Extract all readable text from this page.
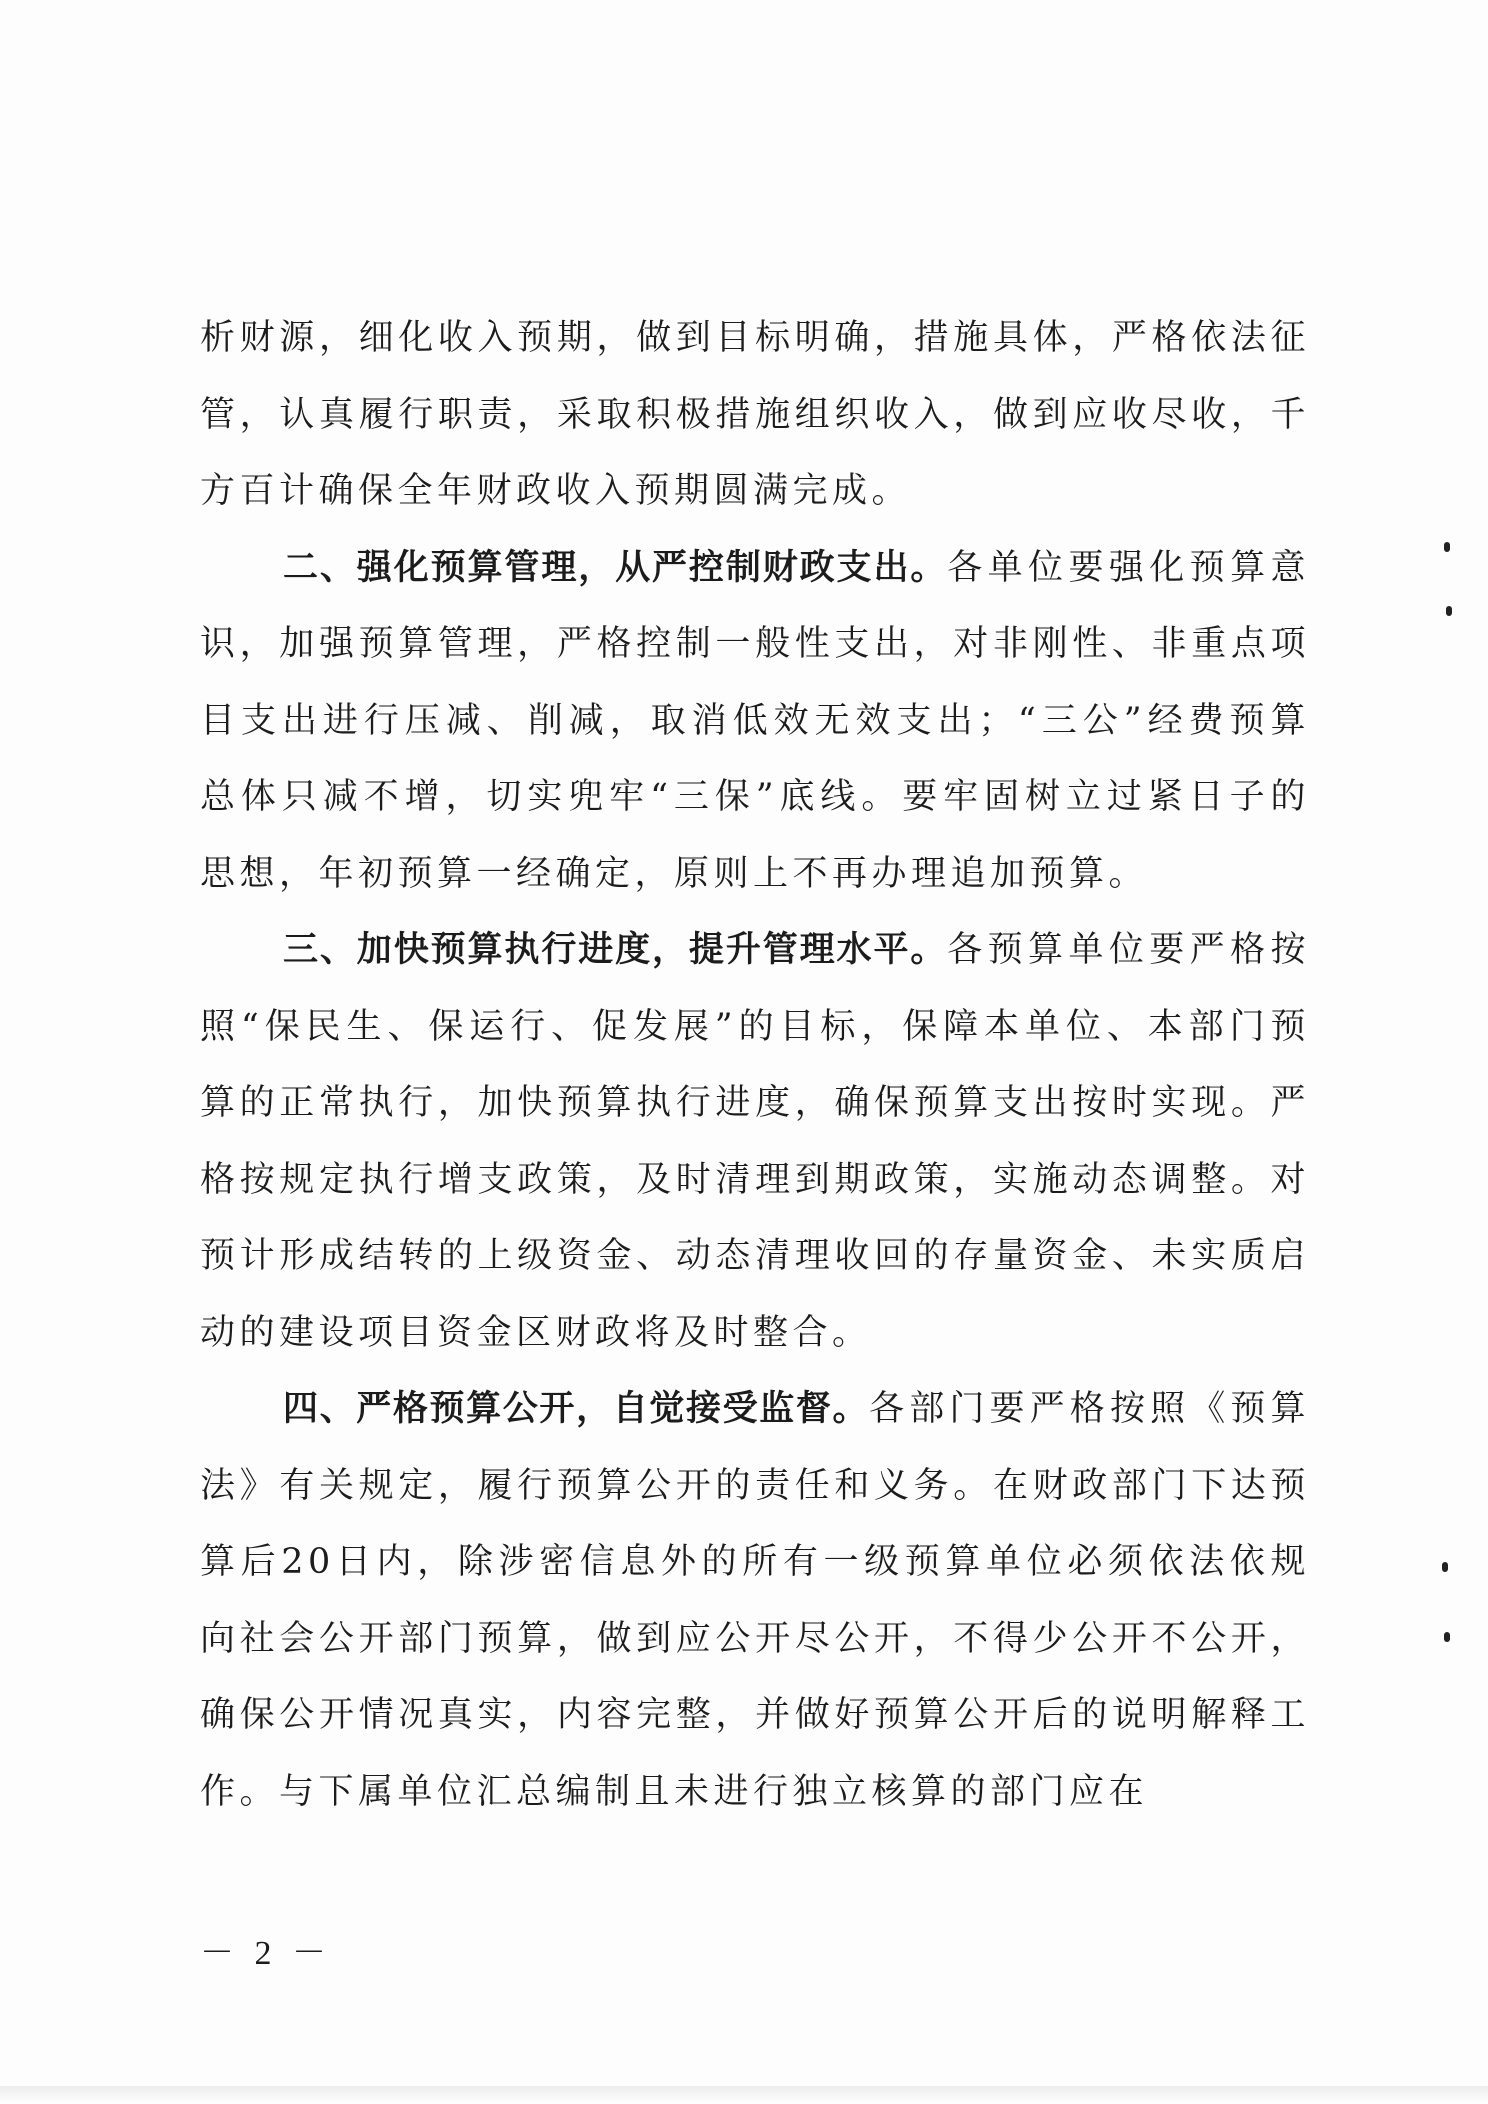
析财源，细化收入预期，做到目标明确，措施具体，严格依法征管，认真履行职责，采取积极措施组织收入，做到应收尽收，千方百计确保全年财政收入预期圆满完成。

二、强化预算管理，从严控制财政支出。各单位要强化预算意识，加强预算管理，严格控制一般性支出，对非刚性、非重点项目支出进行压减、削减，取消低效无效支出；“三公”经费预算总体只减不增，切实兜牢“三保”底线。要牢固树立过紧日子的思想，年初预算一经确定，原则上不再办理追加预算。

三、加快预算执行进度，提升管理水平。各预算单位要严格按照“保民生、保运行、促发展”的目标，保障本单位、本部门预算的正常执行，加快预算执行进度，确保预算支出按时实现。严格按规定执行增支政策，及时清理到期政策，实施动态调整。对预计形成结转的上级资金、动态清理收回的存量资金、未实质启动的建设项目资金区财政将及时整合。

四、严格预算公开，自觉接受监督。各部门要严格按照《预算法》有关规定，履行预算公开的责任和义务。在财政部门下达预算后20日内，除涉密信息外的所有一级预算单位必须依法依规向社会公开部门预算，做到应公开尽公开，不得少公开不公开，确保公开情况真实，内容完整，并做好预算公开后的说明解释工作。与下属单位汇总编制且未进行独立核算的部门应在

－ 2 －
